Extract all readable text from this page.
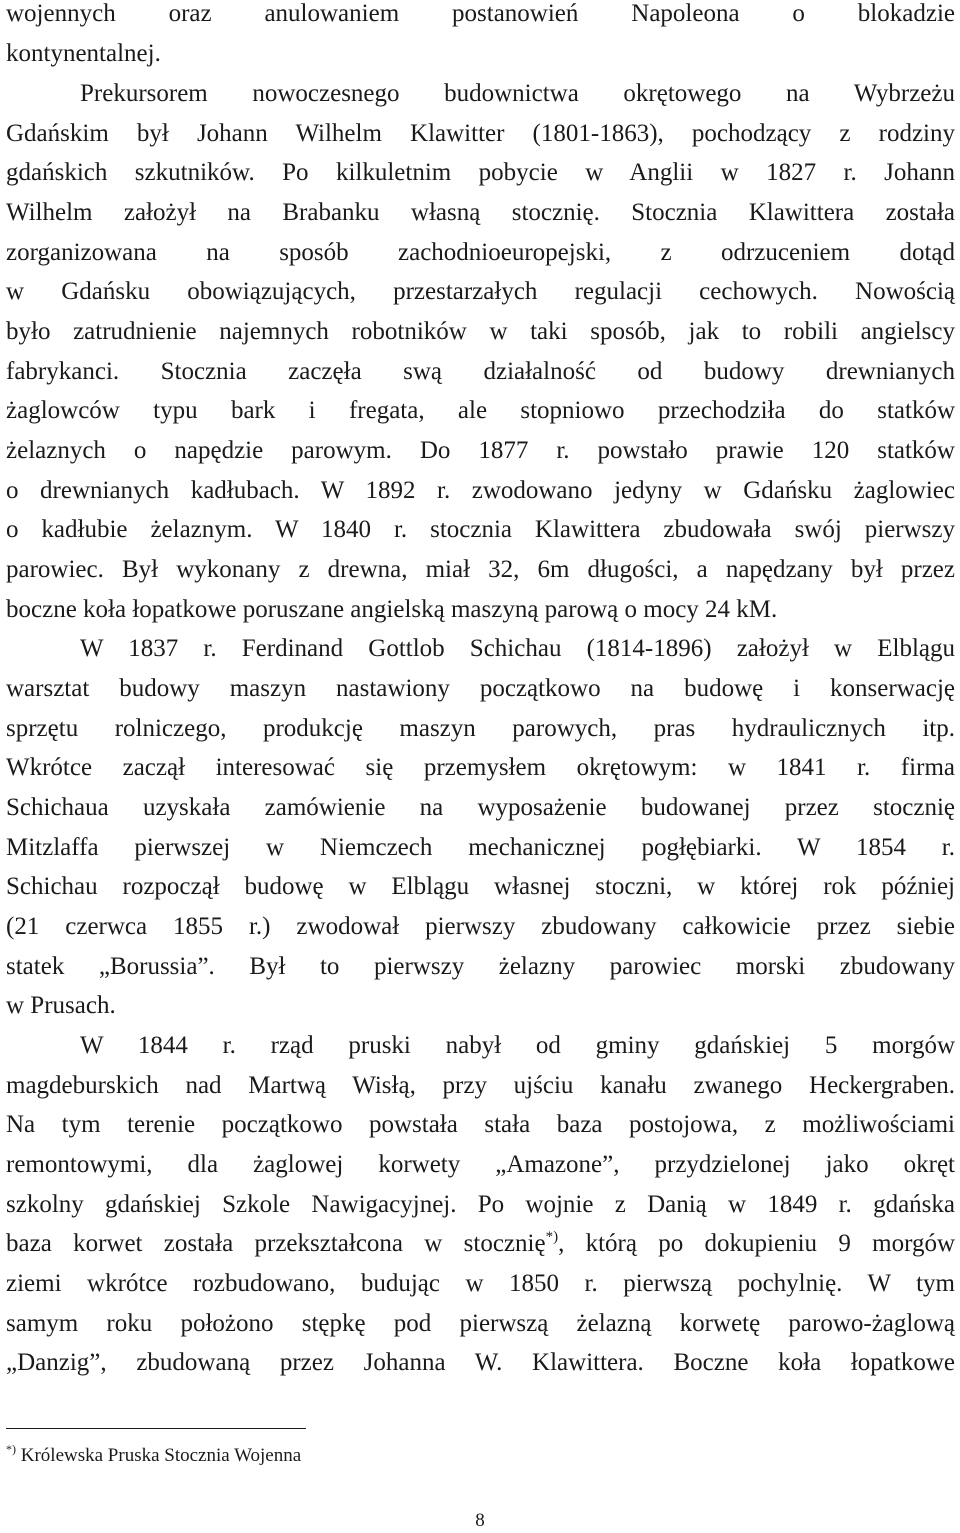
wojennych oraz anulowaniem postanowień Napoleona o blokadzie
kontynentalnej.
Prekursorem nowoczesnego budownictwa okrętowego na Wybrzeżu
Gdańskim był Johann Wilhelm Klawitter (1801-1863), pochodzący z rodziny
gdańskich szkutników. Po kilkuletnim pobycie w Anglii w 1827 r. Johann
Wilhelm założył na Brabanku własną stocznię. Stocznia Klawittera została
zorganizowana na sposób zachodnioeuropejski, z odrzuceniem dotąd
w Gdańsku obowiązujących, przestarzałych regulacji cechowych. Nowością
było zatrudnienie najemnych robotników w taki sposób, jak to robili angielscy
fabrykanci. Stocznia zaczęła swą działalność od budowy drewnianych
żaglowców typu bark i fregata, ale stopniowo przechodziła do statków
żelaznych o napędzie parowym. Do 1877 r. powstało prawie 120 statków
o drewnianych kadłubach. W 1892 r. zwodowano jedyny w Gdańsku żaglowiec
o kadłubie żelaznym. W 1840 r. stocznia Klawittera zbudowała swój pierwszy
parowiec. Był wykonany z drewna, miał 32, 6m długości, a napędzany był przez
boczne koła łopatkowe poruszane angielską maszyną parową o mocy 24 kM.
W 1837 r. Ferdinand Gottlob Schichau (1814-1896) założył w Elblągu
warsztat budowy maszyn nastawiony początkowo na budowę i konserwację
sprzętu rolniczego, produkcję maszyn parowych, pras hydraulicznych itp.
Wkrótce zaczął interesować się przemysłem okrętowym: w 1841 r. firma
Schichaua uzyskała zamówienie na wyposażenie budowanej przez stocznię
Mitzlaffa pierwszej w Niemczech mechanicznej pogłębiarki. W 1854 r.
Schichau rozpoczął budowę w Elblągu własnej stoczni, w której rok później
(21 czerwca 1855 r.) zwodował pierwszy zbudowany całkowicie przez siebie
statek „Borussia”. Był to pierwszy żelazny parowiec morski zbudowany
w Prusach.
W 1844 r. rząd pruski nabył od gminy gdańskiej 5 morgów
magdeburskich nad Martwą Wisłą, przy ujściu kanału zwanego Heckergraben.
Na tym terenie początkowo powstała stała baza postojowa, z możliwościami
remontowymi, dla żaglowej korwety „Amazone”, przydzielonej jako okręt
szkolny gdańskiej Szkole Nawigacyjnej. Po wojnie z Danią w 1849 r. gdańska
baza korwet została przekształcona w stocznię*), którą po dokupieniu 9 morgów
ziemi wkrótce rozbudowano, budując w 1850 r. pierwszą pochylnię. W tym
samym roku położono stępkę pod pierwszą żelazną korwetę parowo-żaglową
„Danzig”, zbudowaną przez Johanna W. Klawittera. Boczne koła łopatkowe
*) Królewska Pruska Stocznia Wojenna
8
